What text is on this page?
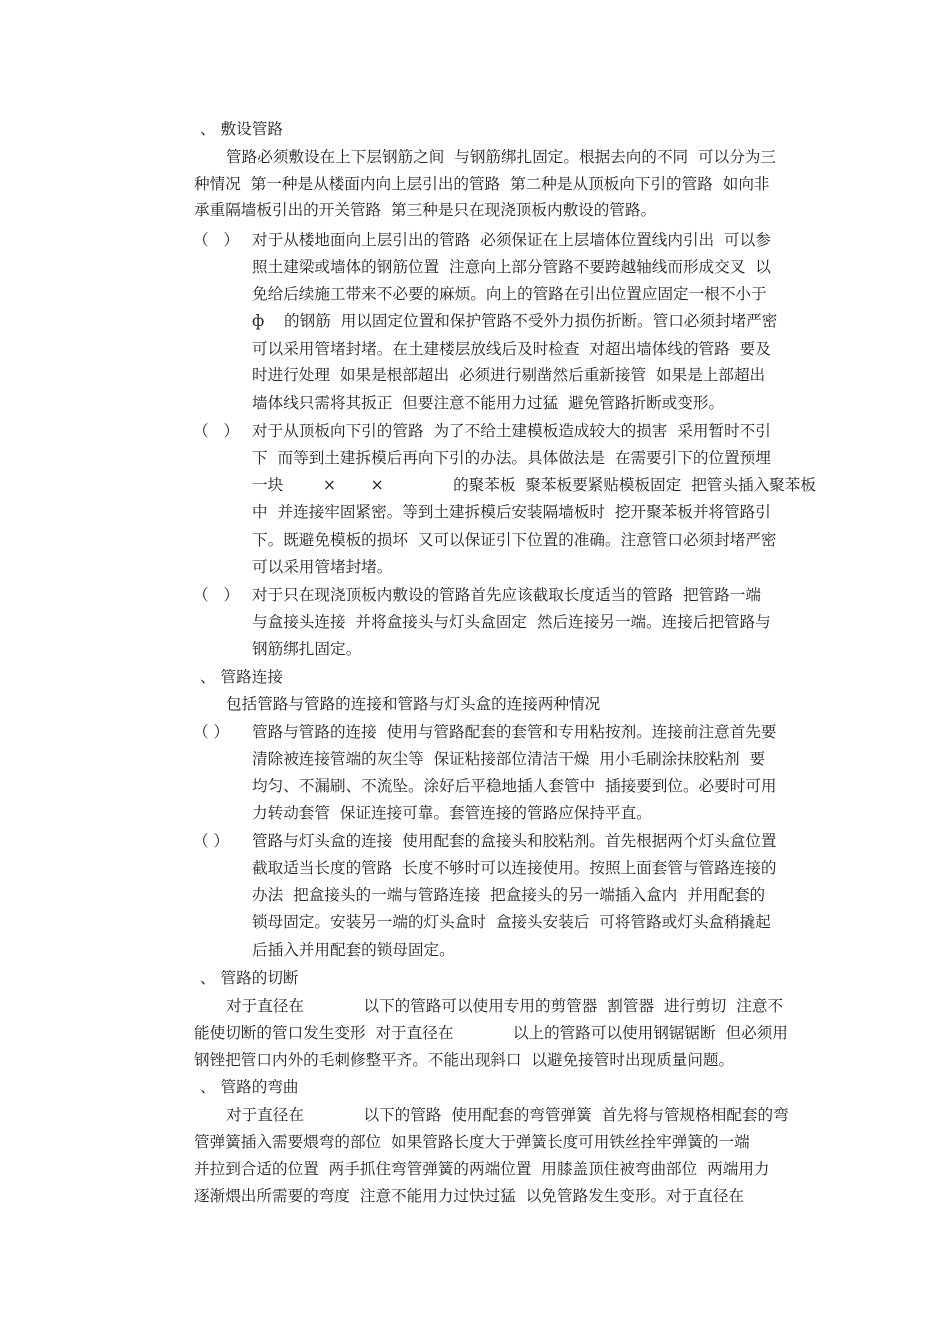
、 敷设管路
管路必须敷设在上下层钢筋之间  与钢筋绑扎固定。根据去向的不同  可以分为三
种情况  第一种是从楼面内向上层引出的管路  第二种是从顶板向下引的管路  如向非
承重隔墙板引出的开关管路  第三种是只在现浇顶板内敷设的管路。
（   ） 对于从楼地面向上层引出的管路  必须保证在上层墙体位置线内引出  可以参
照土建梁或墙体的钢筋位置  注意向上部分管路不要跨越轴线而形成交叉  以
免给后续施工带来不必要的麻烦。向上的管路在引出位置应固定一根不小于
ф    的钢筋  用以固定位置和保护管路不受外力损伤折断。管口必须封堵严密
可以采用管堵封堵。在土建楼层放线后及时检查  对超出墙体线的管路  要及
时进行处理  如果是根部超出  必须进行剔凿然后重新接管  如果是上部超出
墙体线只需将其扳正  但要注意不能用力过猛  避免管路折断或变形。
（   ） 对于从顶板向下引的管路  为了不给土建模板造成较大的损害  采用暂时不引
下  而等到土建拆模后再向下引的办法。具体做法是  在需要引下的位置预埋
一块        ×       ×              的聚苯板  聚苯板要紧贴模板固定  把管头插入聚苯板
中  并连接牢固紧密。等到土建拆模后安装隔墙板时  挖开聚苯板并将管路引
下。既避免模板的损坏  又可以保证引下位置的准确。注意管口必须封堵严密
可以采用管堵封堵。
（   ） 对于只在现浇顶板内敷设的管路首先应该截取长度适当的管路  把管路一端
与盒接头连接  并将盒接头与灯头盒固定  然后连接另一端。连接后把管路与
钢筋绑扎固定。
、 管路连接
包括管路与管路的连接和管路与灯头盒的连接两种情况
（ ） 管路与管路的连接  使用与管路配套的套管和专用粘按剂。连接前注意首先要
清除被连接管端的灰尘等  保证粘接部位清洁干燥  用小毛刷涂抹胶粘剂  要
均匀、不漏刷、不流坠。涂好后平稳地插人套管中  插接要到位。必要时可用
力转动套管  保证连接可靠。套管连接的管路应保持平直。
（ ） 管路与灯头盒的连接  使用配套的盒接头和胶粘剂。首先根据两个灯头盒位置
截取适当长度的管路  长度不够时可以连接使用。按照上面套管与管路连接的
办法  把盒接头的一端与管路连接  把盒接头的另一端插入盒内  并用配套的
锁母固定。安装另一端的灯头盒时  盒接头安装后  可将管路或灯头盒稍撬起
后插入并用配套的锁母固定。
、 管路的切断
对于直径在            以下的管路可以使用专用的剪管器  割管器  进行剪切  注意不
能使切断的管口发生变形  对于直径在            以上的管路可以使用钢锯锯断  但必须用
钢锉把管口内外的毛刺修整平齐。不能出现斜口  以避免接管时出现质量问题。
、 管路的弯曲
对于直径在            以下的管路  使用配套的弯管弹簧  首先将与管规格相配套的弯
管弹簧插入需要煨弯的部位  如果管路长度大于弹簧长度可用铁丝拴牢弹簧的一端
并拉到合适的位置  两手抓住弯管弹簧的两端位置  用膝盖顶住被弯曲部位  两端用力
逐渐煨出所需要的弯度  注意不能用力过快过猛  以免管路发生变形。对于直径在
